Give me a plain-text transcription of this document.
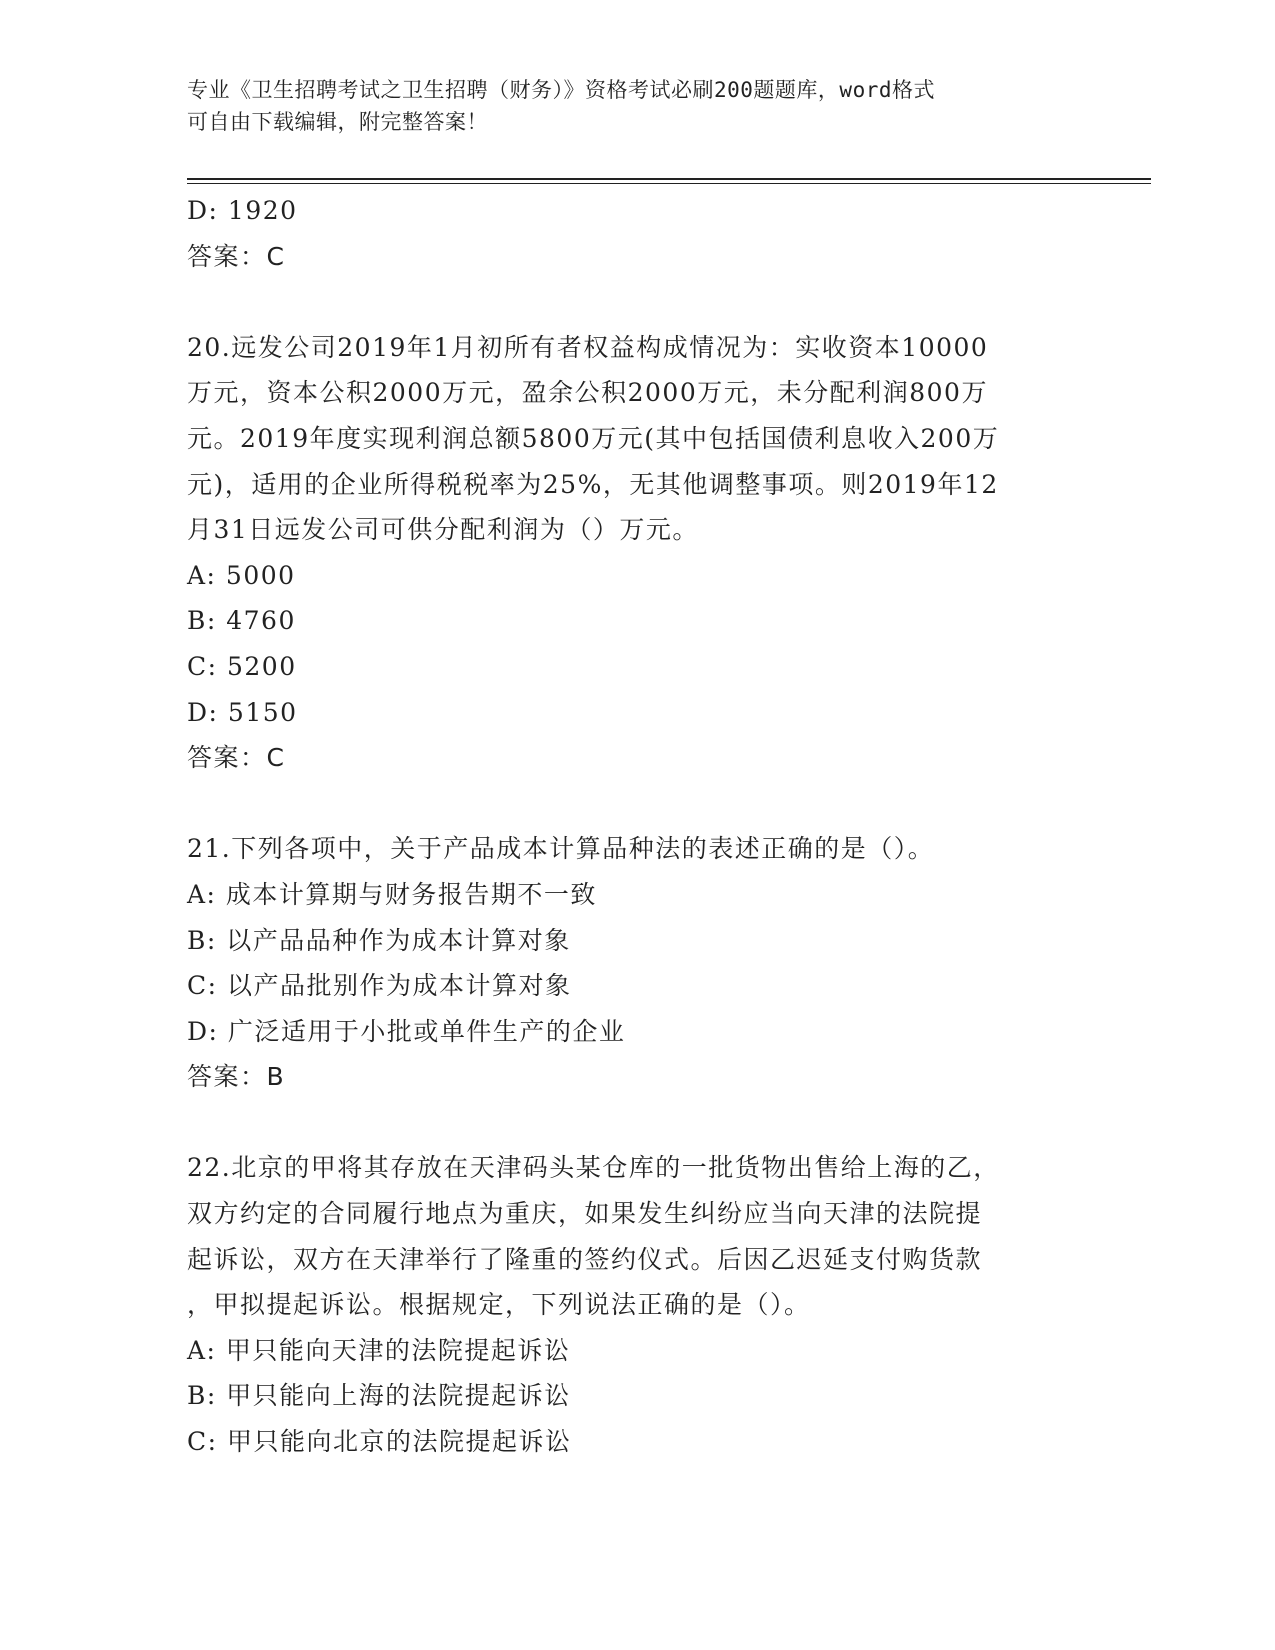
专业《卫生招聘考试之卫生招聘（财务）》资格考试必刷200题题库，word格式
可自由下载编辑，附完整答案！
D: 1920
答案：C
20.远发公司2019年1月初所有者权益构成情况为：实收资本10000
万元，资本公积2000万元，盈余公积2000万元，未分配利润800万
元。2019年度实现利润总额5800万元(其中包括国债利息收入200万
元)，适用的企业所得税税率为25%，无其他调整事项。则2019年12
月31日远发公司可供分配利润为（）万元。
A: 5000
B: 4760
C: 5200
D: 5150
答案：C
21.下列各项中，关于产品成本计算品种法的表述正确的是（）。
A: 成本计算期与财务报告期不一致
B: 以产品品种作为成本计算对象
C: 以产品批别作为成本计算对象
D: 广泛适用于小批或单件生产的企业
答案：B
22.北京的甲将其存放在天津码头某仓库的一批货物出售给上海的乙，
双方约定的合同履行地点为重庆，如果发生纠纷应当向天津的法院提
起诉讼，双方在天津举行了隆重的签约仪式。后因乙迟延支付购货款
，甲拟提起诉讼。根据规定，下列说法正确的是（）。
A: 甲只能向天津的法院提起诉讼
B: 甲只能向上海的法院提起诉讼
C: 甲只能向北京的法院提起诉讼
